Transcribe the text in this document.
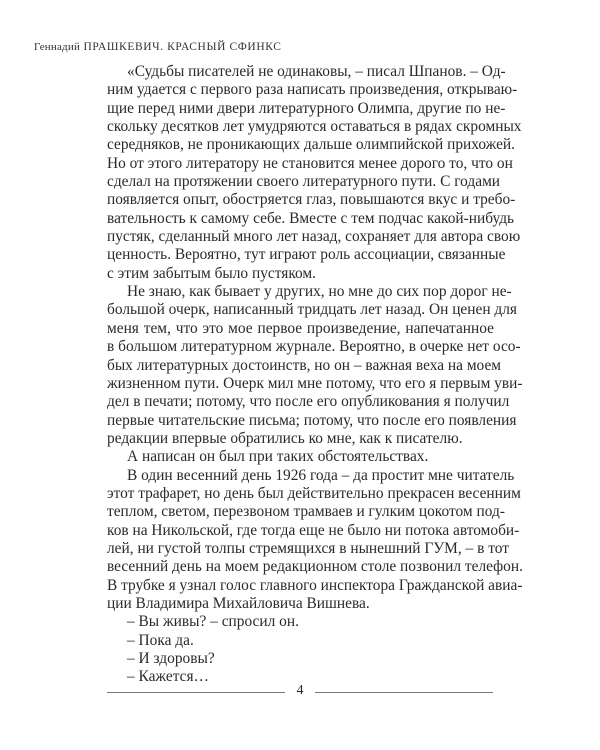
Геннадий ПРАШКЕВИЧ. КРАСНЫЙ СФИНКС
«Судьбы писателей не одинаковы, – писал Шпанов. – Од-
ним удается с первого раза написать произведения, открываю-
щие перед ними двери литературного Олимпа, другие по не-
скольку десятков лет умудряются оставаться в рядах скромных
середняков, не проникающих дальше олимпийской прихожей.
Но от этого литератору не становится менее дорого то, что он
сделал на протяжении своего литературного пути. С годами
появляется опыт, обостряется глаз, повышаются вкус и требо-
вательность к самому себе. Вместе с тем подчас какой-нибудь
пустяк, сделанный много лет назад, сохраняет для автора свою
ценность. Вероятно, тут играют роль ассоциации, связанные
с этим забытым было пустяком.
Не знаю, как бывает у других, но мне до сих пор дорог не-
большой очерк, написанный тридцать лет назад. Он ценен для
меня тем, что это мое первое произведение, напечатанное
в большом литературном журнале. Вероятно, в очерке нет осо-
бых литературных достоинств, но он – важная веха на моем
жизненном пути. Очерк мил мне потому, что его я первым уви-
дел в печати; потому, что после его опубликования я получил
первые читательские письма; потому, что после его появления
редакции впервые обратились ко мне, как к писателю.
А написан он был при таких обстоятельствах.
В один весенний день 1926 года – да простит мне читатель
этот трафарет, но день был действительно прекрасен весенним
теплом, светом, перезвоном трамваев и гулким цокотом под-
ков на Никольской, где тогда еще не было ни потока автомоби-
лей, ни густой толпы стремящихся в нынешний ГУМ, – в тот
весенний день на моем редакционном столе позвонил телефон.
В трубке я узнал голос главного инспектора Гражданской авиа-
ции Владимира Михайловича Вишнева.
– Вы живы? – спросил он.
– Пока да.
– И здоровы?
– Кажется…
4
